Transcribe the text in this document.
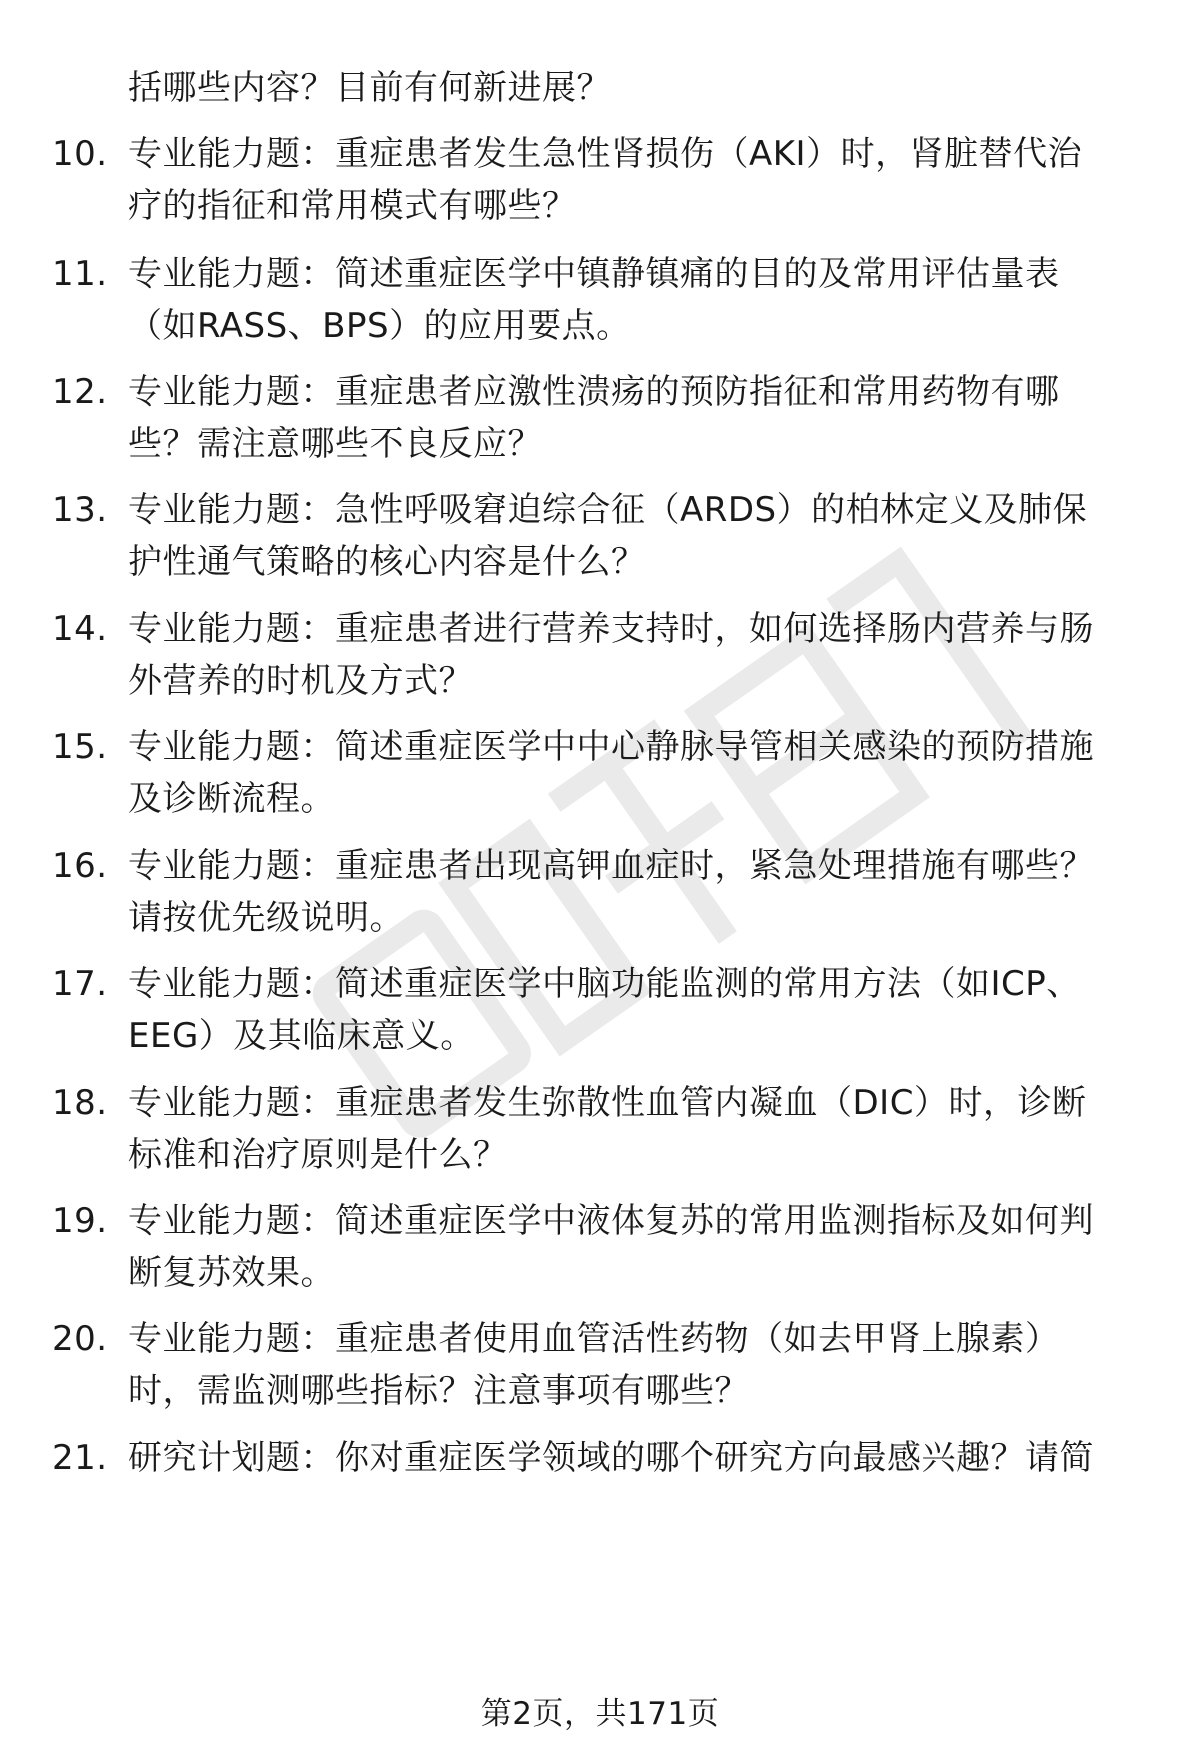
括哪些内容？目前有何新进展？
10. 专业能力题：重症患者发生急性肾损伤（AKI）时，肾脏替代治
疗的指征和常用模式有哪些？
11. 专业能力题：简述重症医学中镇静镇痛的目的及常用评估量表
（如RASS、BPS）的应用要点。
12. 专业能力题：重症患者应激性溃疡的预防指征和常用药物有哪
些？需注意哪些不良反应？
13. 专业能力题：急性呼吸窘迫综合征（ARDS）的柏林定义及肺保
护性通气策略的核心内容是什么？
14. 专业能力题：重症患者进行营养支持时，如何选择肠内营养与肠
外营养的时机及方式？
15. 专业能力题：简述重症医学中中心静脉导管相关感染的预防措施
及诊断流程。
16. 专业能力题：重症患者出现高钾血症时，紧急处理措施有哪些？
请按优先级说明。
17. 专业能力题：简述重症医学中脑功能监测的常用方法（如ICP、
EEG）及其临床意义。
18. 专业能力题：重症患者发生弥散性血管内凝血（DIC）时，诊断
标准和治疗原则是什么？
19. 专业能力题：简述重症医学中液体复苏的常用监测指标及如何判
断复苏效果。
20. 专业能力题：重症患者使用血管活性药物（如去甲肾上腺素）
时，需监测哪些指标？注意事项有哪些？
21. 研究计划题：你对重症医学领域的哪个研究方向最感兴趣？请简
第2页，共171页
